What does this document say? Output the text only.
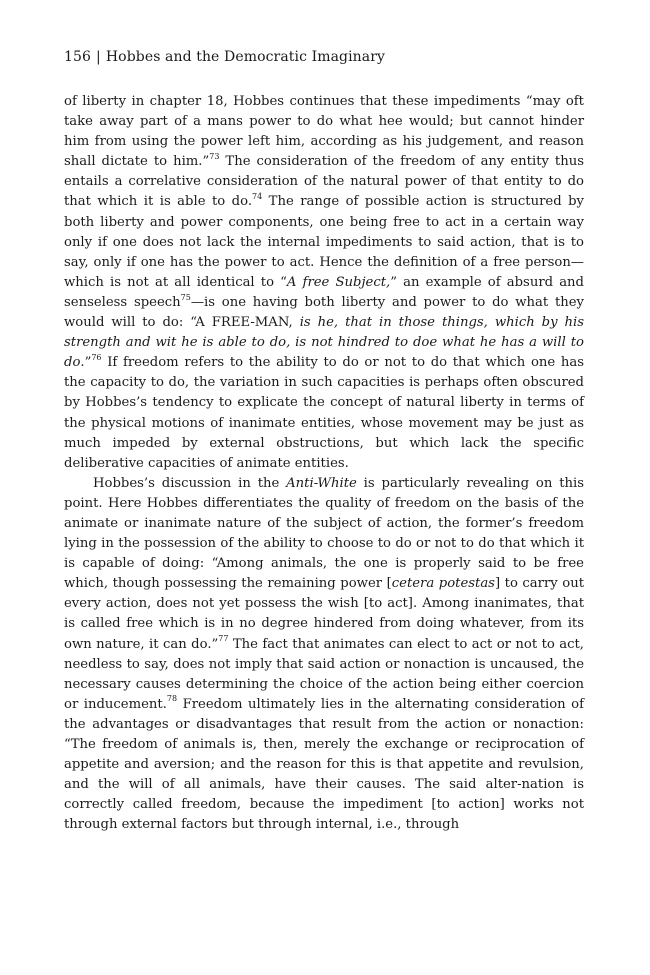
156 | Hobbes and the Democratic Imaginary

of liberty in chapter 18, Hobbes continues that these impediments “may oft take away part of a mans power to do what hee would; but cannot hinder him from using the power left him, according as his judgement, and reason shall dictate to him.”$^{73}$ The consideration of the freedom of any entity thus entails a correlative consideration of the natural power of that entity to do that which it is able to do.$^{74}$ The range of possible action is structured by both liberty and power components, one being free to act in a certain way only if one does not lack the internal impediments to said action, that is to say, only if one has the power to act. Hence the definition of a free person—which is not at all identical to “A free Subject,” an example of absurd and senseless speech$^{75}$—is one having both liberty and power to do what they would will to do: “A FREE-MAN, is he, that in those things, which by his strength and wit he is able to do, is not hindred to doe what he has a will to do.”$^{76}$ If freedom refers to the ability to do or not to do that which one has the capacity to do, the variation in such capacities is perhaps often obscured by Hobbes’s tendency to explicate the concept of natural liberty in terms of the physical motions of inanimate entities, whose movement may be just as much impeded by external obstructions, but which lack the specific deliberative capacities of animate entities.

Hobbes’s discussion in the Anti-White is particularly revealing on this point. Here Hobbes differentiates the quality of freedom on the basis of the animate or inanimate nature of the subject of action, the former’s freedom lying in the possession of the ability to choose to do or not to do that which it is capable of doing: “Among animals, the one is properly said to be free which, though possessing the remaining power [cetera potestas] to carry out every action, does not yet possess the wish [to act]. Among inanimates, that is called free which is in no degree hindered from doing whatever, from its own nature, it can do.”$^{77}$ The fact that animates can elect to act or not to act, needless to say, does not imply that said action or nonaction is uncaused, the necessary causes determining the choice of the action being either coercion or inducement.$^{78}$ Freedom ultimately lies in the alternating consideration of the advantages or disadvantages that result from the action or nonaction: “The freedom of animals is, then, merely the exchange or reciprocation of appetite and aversion; and the reason for this is that appetite and revulsion, and the will of all animals, have their causes. The said alter-nation is correctly called freedom, because the impediment [to action] works not through external factors but through internal, i.e., through
